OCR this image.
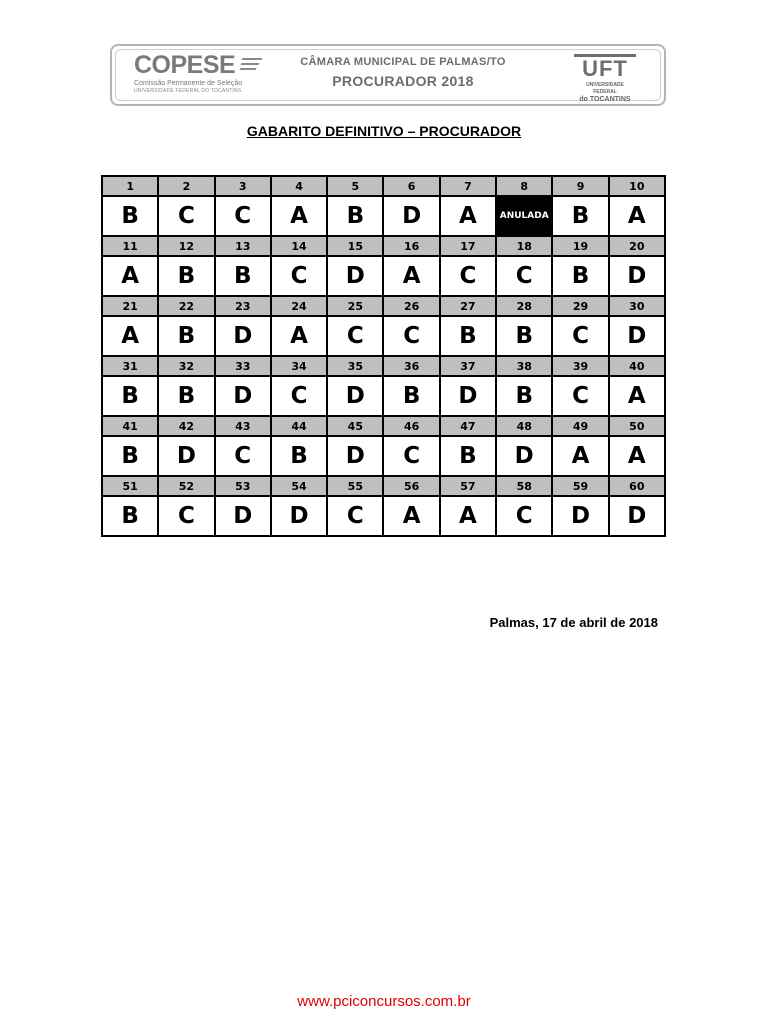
COPESE
Comissão Permanente de Seleção
UNIVERSIDADE FEDERAL DO TOCANTINS
CÂMARA MUNICIPAL DE PALMAS/TO
PROCURADOR 2018	UFT
UNIVERSIDADE FEDERAL
do TOCANTINS
GABARITO DEFINITIVO – PROCURADOR
1	2	3	4	5	6	7	8	9	10
B	C	C	A	B	D	A	ANULADA	B	A
11	12	13	14	15	16	17	18	19	20
A	B	B	C	D	A	C	C	B	D
21	22	23	24	25	26	27	28	29	30
A	B	D	A	C	C	B	B	C	D
31	32	33	34	35	36	37	38	39	40
B	B	D	C	D	B	D	B	C	A
41	42	43	44	45	46	47	48	49	50
B	D	C	B	D	C	B	D	A	A
51	52	53	54	55	56	57	58	59	60
B	C	D	D	C	A	A	C	D	D
Palmas, 17 de abril de 2018
www.pciconcursos.com.br
